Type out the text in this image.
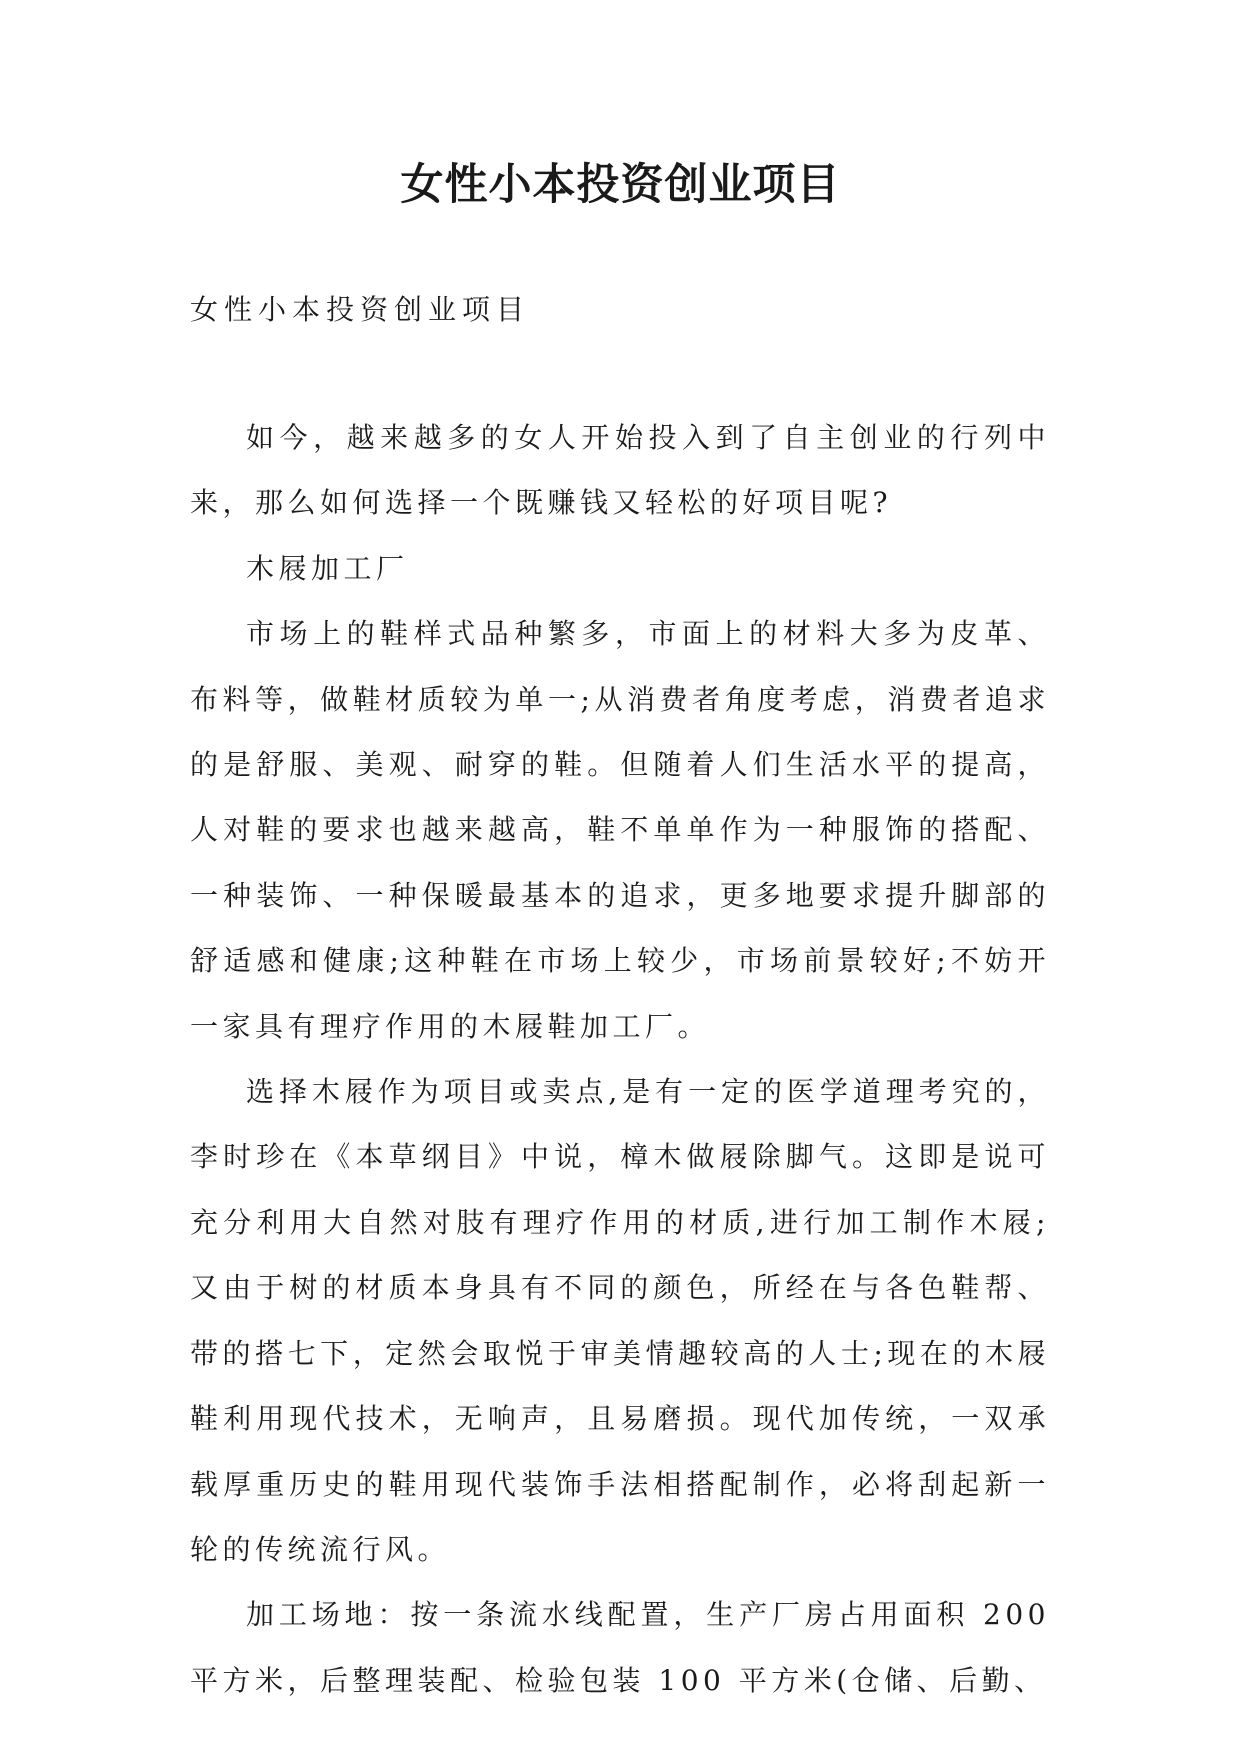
女性小本投资创业项目
女性小本投资创业项目

如今，越来越多的女人开始投入到了自主创业的行列中来，那么如何选择一个既赚钱又轻松的好项目呢?

木屐加工厂

市场上的鞋样式品种繁多，市面上的材料大多为皮革、布料等，做鞋材质较为单一;从消费者角度考虑，消费者追求的是舒服、美观、耐穿的鞋。但随着人们生活水平的提高，人对鞋的要求也越来越高，鞋不单单作为一种服饰的搭配、一种装饰、一种保暖最基本的追求，更多地要求提升脚部的舒适感和健康;这种鞋在市场上较少，市场前景较好;不妨开一家具有理疗作用的木屐鞋加工厂。

选择木屐作为项目或卖点,是有一定的医学道理考究的，李时珍在《本草纲目》中说，樟木做屐除脚气。这即是说可充分利用大自然对肢有理疗作用的材质,进行加工制作木屐;又由于树的材质本身具有不同的颜色，所经在与各色鞋帮、带的搭七下，定然会取悦于审美情趣较高的人士;现在的木屐鞋利用现代技术，无响声，且易磨损。现代加传统，一双承载厚重历史的鞋用现代装饰手法相搭配制作，必将刮起新一轮的传统流行风。

加工场地：按一条流水线配置，生产厂房占用面积 200 平方米，后整理装配、检验包装 100 平方米(仓储、后勤、
